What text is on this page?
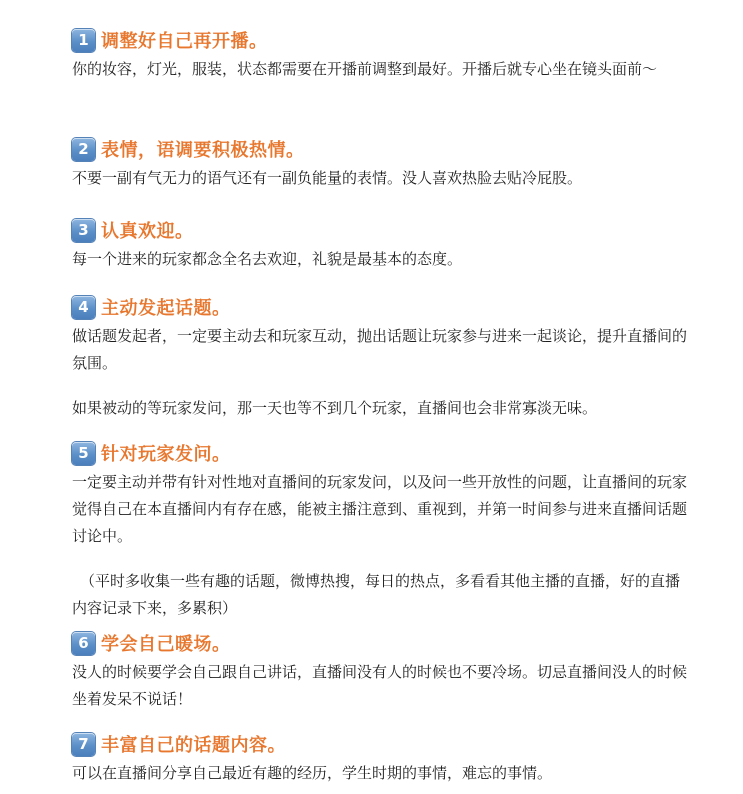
1 调整好自己再开播。

你的妆容，灯光，服装，状态都需要在开播前调整到最好。开播后就专心坐在镜头面前～

2 表情，语调要积极热情。

不要一副有气无力的语气还有一副负能量的表情。没人喜欢热脸去贴冷屁股。

3 认真欢迎。

每一个进来的玩家都念全名去欢迎，礼貌是最基本的态度。

4 主动发起话题。

做话题发起者，一定要主动去和玩家互动，抛出话题让玩家参与进来一起谈论，提升直播间的氛围。

如果被动的等玩家发问，那一天也等不到几个玩家，直播间也会非常寡淡无味。

5 针对玩家发问。

一定要主动并带有针对性地对直播间的玩家发问，以及问一些开放性的问题，让直播间的玩家觉得自己在本直播间内有存在感，能被主播注意到、重视到，并第一时间参与进来直播间话题讨论中。

（平时多收集一些有趣的话题，微博热搜，每日的热点，多看看其他主播的直播，好的直播内容记录下来，多累积）

6 学会自己暖场。

没人的时候要学会自己跟自己讲话，直播间没有人的时候也不要冷场。切忌直播间没人的时候坐着发呆不说话！

7 丰富自己的话题内容。

可以在直播间分享自己最近有趣的经历，学生时期的事情，难忘的事情。
